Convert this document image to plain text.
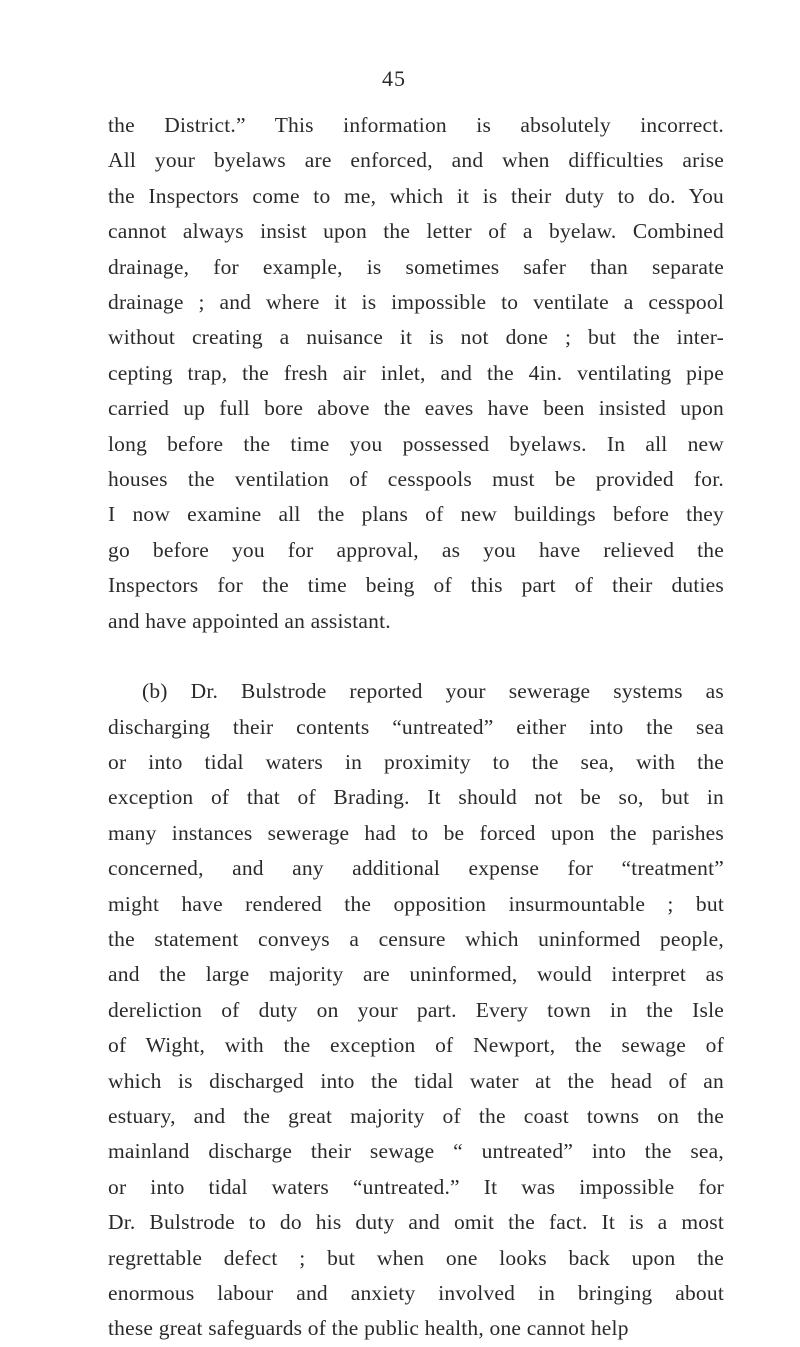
45
the District.” This information is absolutely incorrect.
All your byelaws are enforced, and when difficulties arise
the Inspectors come to me, which it is their duty to do. You
cannot always insist upon the letter of a byelaw. Combined
drainage, for example, is sometimes safer than separate
drainage ; and where it is impossible to ventilate a cesspool
without creating a nuisance it is not done ; but the inter-
cepting trap, the fresh air inlet, and the 4in. ventilating pipe
carried up full bore above the eaves have been insisted upon
long before the time you possessed byelaws. In all new
houses the ventilation of cesspools must be provided for.
I now examine all the plans of new buildings before they
go before you for approval, as you have relieved the
Inspectors for the time being of this part of their duties
and have appointed an assistant.
(b) Dr. Bulstrode reported your sewerage systems as
discharging their contents “untreated” either into the sea
or into tidal waters in proximity to the sea, with the
exception of that of Brading. It should not be so, but in
many instances sewerage had to be forced upon the parishes
concerned, and any additional expense for “treatment”
might have rendered the opposition insurmountable ; but
the statement conveys a censure which uninformed people,
and the large majority are uninformed, would interpret as
dereliction of duty on your part. Every town in the Isle
of Wight, with the exception of Newport, the sewage of
which is discharged into the tidal water at the head of an
estuary, and the great majority of the coast towns on the
mainland discharge their sewage “ untreated” into the sea,
or into tidal waters “untreated.” It was impossible for
Dr. Bulstrode to do his duty and omit the fact. It is a most
regrettable defect ; but when one looks back upon the
enormous labour and anxiety involved in bringing about
these great safeguards of the public health, one cannot help
